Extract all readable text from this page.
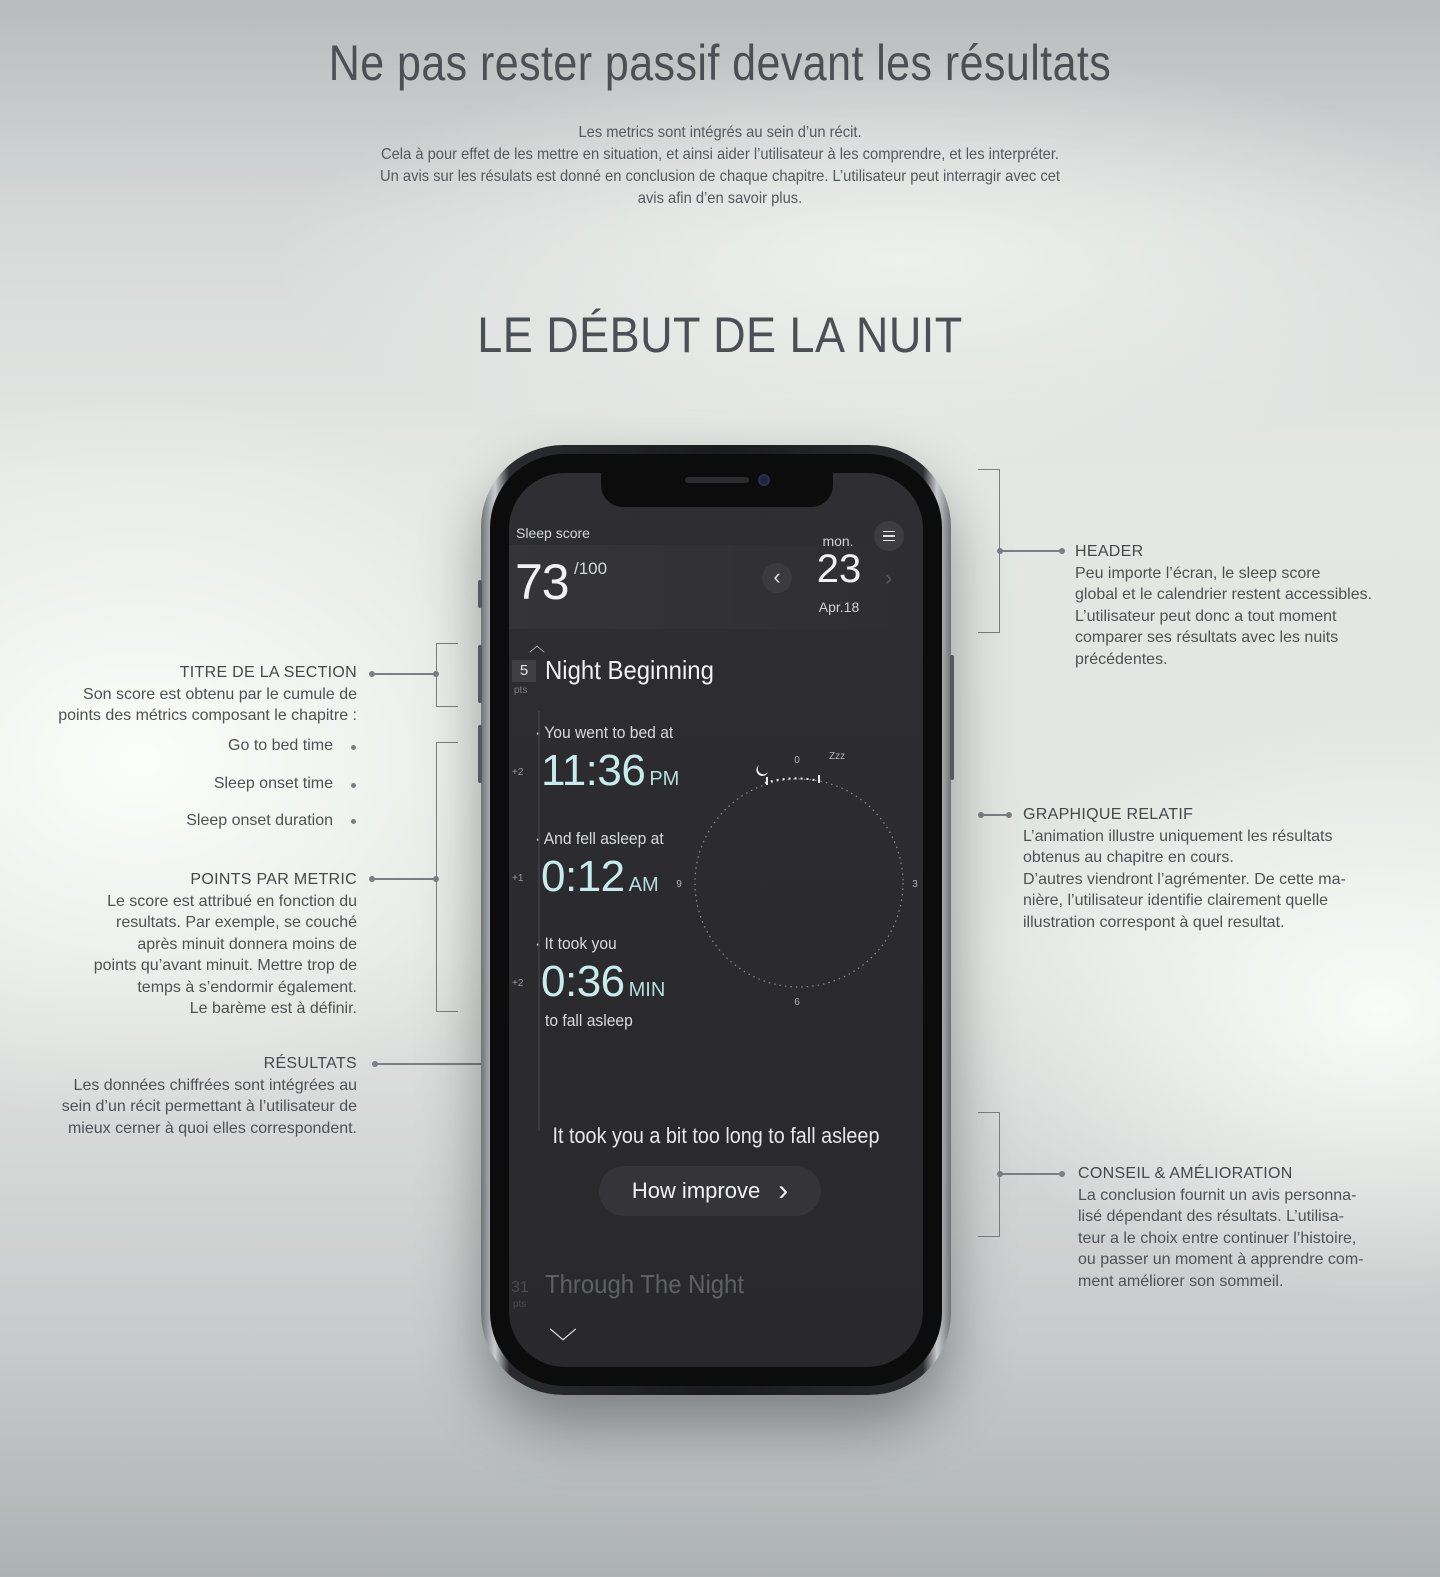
Ne pas rester passif devant les résultats

Les metrics sont intégrés au sein d’un récit.

Cela à pour effet de les mettre en situation, et ainsi aider l’utilisateur à les comprendre, et les interpréter.

Un avis sur les résulats est donné en conclusion de chaque chapitre. L’utilisateur peut interragir avec cet

avis afin d’en savoir plus.

LE DÉBUT DE LA NUIT
TITRE DE LA SECTION
Son score est obtenu par le cumule de
points des métrics composant le chapitre :
Go to bed time
Sleep onset time
Sleep onset duration
POINTS PAR METRIC
Le score est attribué en fonction du
resultats. Par exemple, se couché
après minuit donnera moins de
points qu’avant minuit. Mettre trop de
temps à s’endormir également.
Le barème est à définir.
RÉSULTATS
Les données chiffrées sont intégrées au
sein d’un récit permettant à l’utilisateur de
mieux cerner à quoi elles correspondent.
HEADER
Peu importe l’écran, le sleep score
global et le calendrier restent accessibles.
L’utilisateur peut donc a tout moment
comparer ses résultats avec les nuits
précédentes.
GRAPHIQUE RELATIF
L’animation illustre uniquement les résultats
obtenus au chapitre en cours.
D’autres viendront l’agrémenter. De cette ma-
nière, l’utilisateur identifie clairement quelle
illustration correspont à quel resultat.
CONSEIL & AMÉLIORATION
La conclusion fournit un avis personna-
lisé dépendant des résultats. L’utilisa-
teur a le choix entre continuer l’histoire,
ou passer un moment à apprendre com-
ment améliorer son sommeil.
Sleep score
73 /100	‹
mon.
23
Apr.18
›
︿
5
pts
Night Beginning
· You went to bed at
+2 11:36 PM
· And fell asleep at
+1 0:12 AM
· It took you
+2 0:36 MIN
to fall asleep
0
3
6
9
Zzz
It took you a bit too long to fall asleep
How improve ›
31
pts
Through The Night
﹀
